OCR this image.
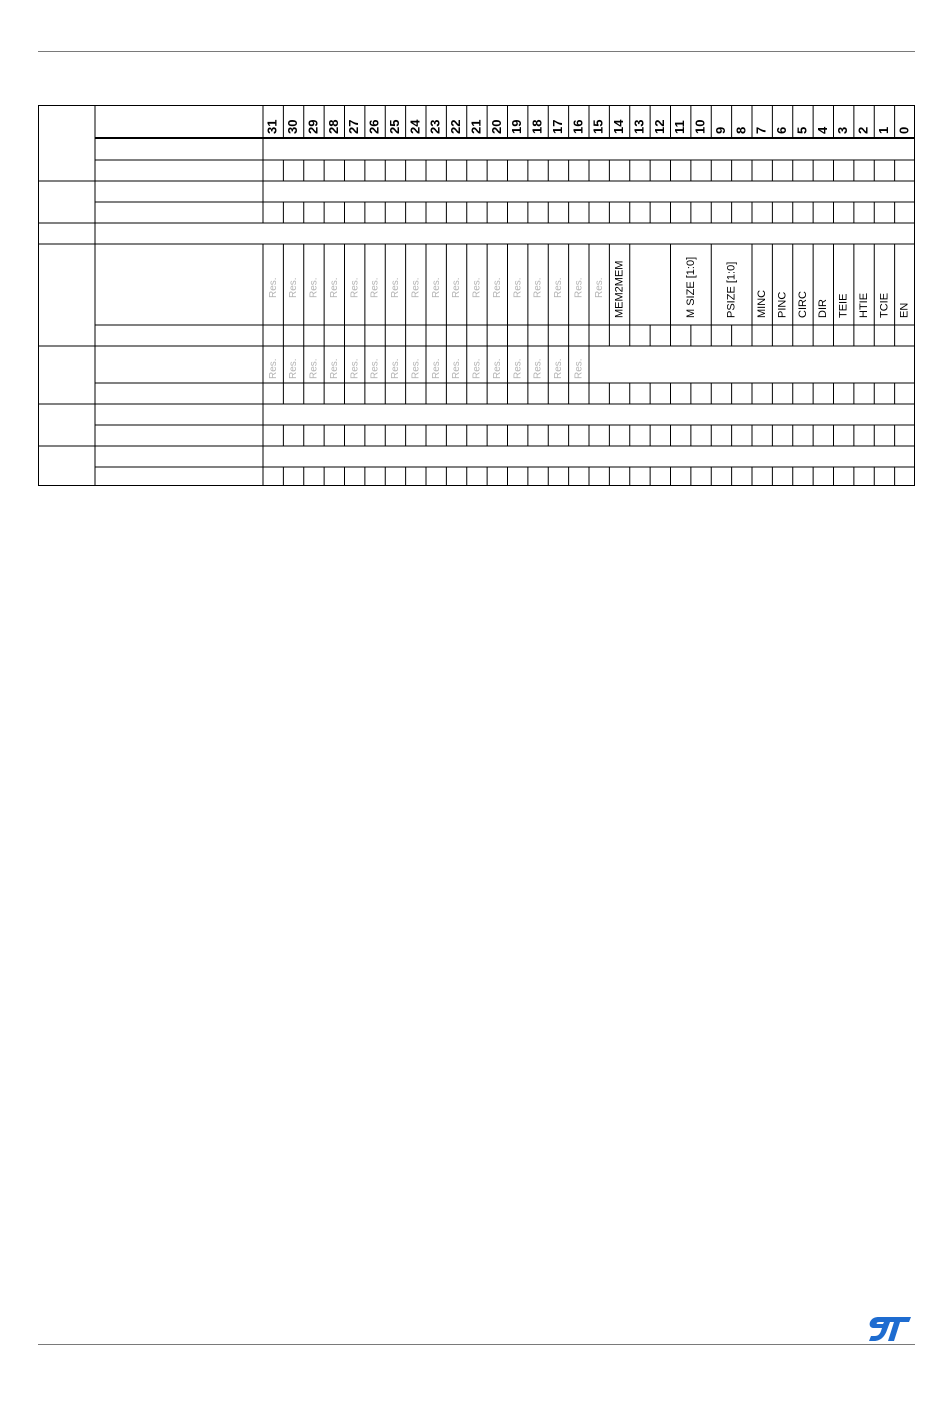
31 30 29 28 27 26 25 24 23 22 21 20 19 18 17 16 15 14 13 12 11 10 9 8 7 6 5 4 3 2 1 0
Res. Res. Res. Res. Res. Res. Res. Res. Res. Res. Res. Res. Res. Res. Res. Res. Res. MEM2MEM	M SIZE [1:0]	PSIZE [1:0] MINC PINC CIRC DIR TEIE HTIE TCIE EN
Res. Res. Res. Res. Res. Res. Res. Res. Res. Res. Res. Res. Res. Res. Res. Res.
